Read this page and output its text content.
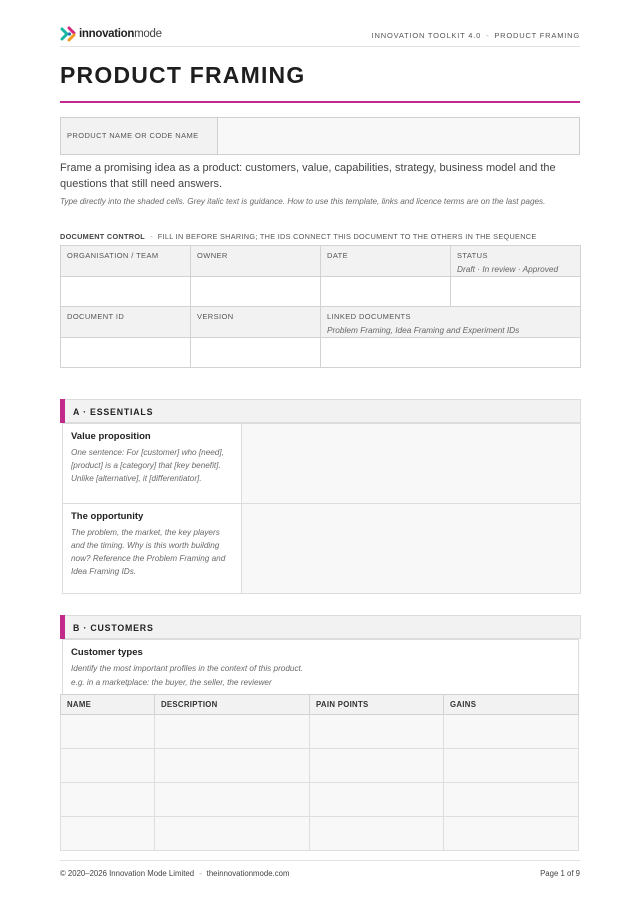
innovationmode	INNOVATION TOOLKIT 4.0 - PRODUCT FRAMING
PRODUCT FRAMING
PRODUCT NAME OR CODE NAME
Frame a promising idea as a product: customers, value, capabilities, strategy, business model and the questions that still need answers.
Type directly into the shaded cells. Grey italic text is guidance. How to use this template, links and licence terms are on the last pages.
DOCUMENT CONTROL - FILL IN BEFORE SHARING; THE IDS CONNECT THIS DOCUMENT TO THE OTHERS IN THE SEQUENCE
ORGANISATION / TEAM	OWNER	DATE	STATUS
Draft · In review · Approved

DOCUMENT ID	VERSION	LINKED DOCUMENTS
Problem Framing, Idea Framing and Experiment IDs	

A · ESSENTIALS
Value proposition
One sentence: For [customer] who [need], [product] is a [category] that [key benefit]. Unlike [alternative], it [differentiator].
The opportunity
The problem, the market, the key players and the timing. Why is this worth building now? Reference the Problem Framing and Idea Framing IDs.
B · CUSTOMERS
Customer types
Identify the most important profiles in the context of this product.
e.g. in a marketplace: the buyer, the seller, the reviewer
NAME	DESCRIPTION	PAIN POINTS	GAINS

© 2020–2026 Innovation Mode Limited - theinnovationmode.com	Page 1 of 9
